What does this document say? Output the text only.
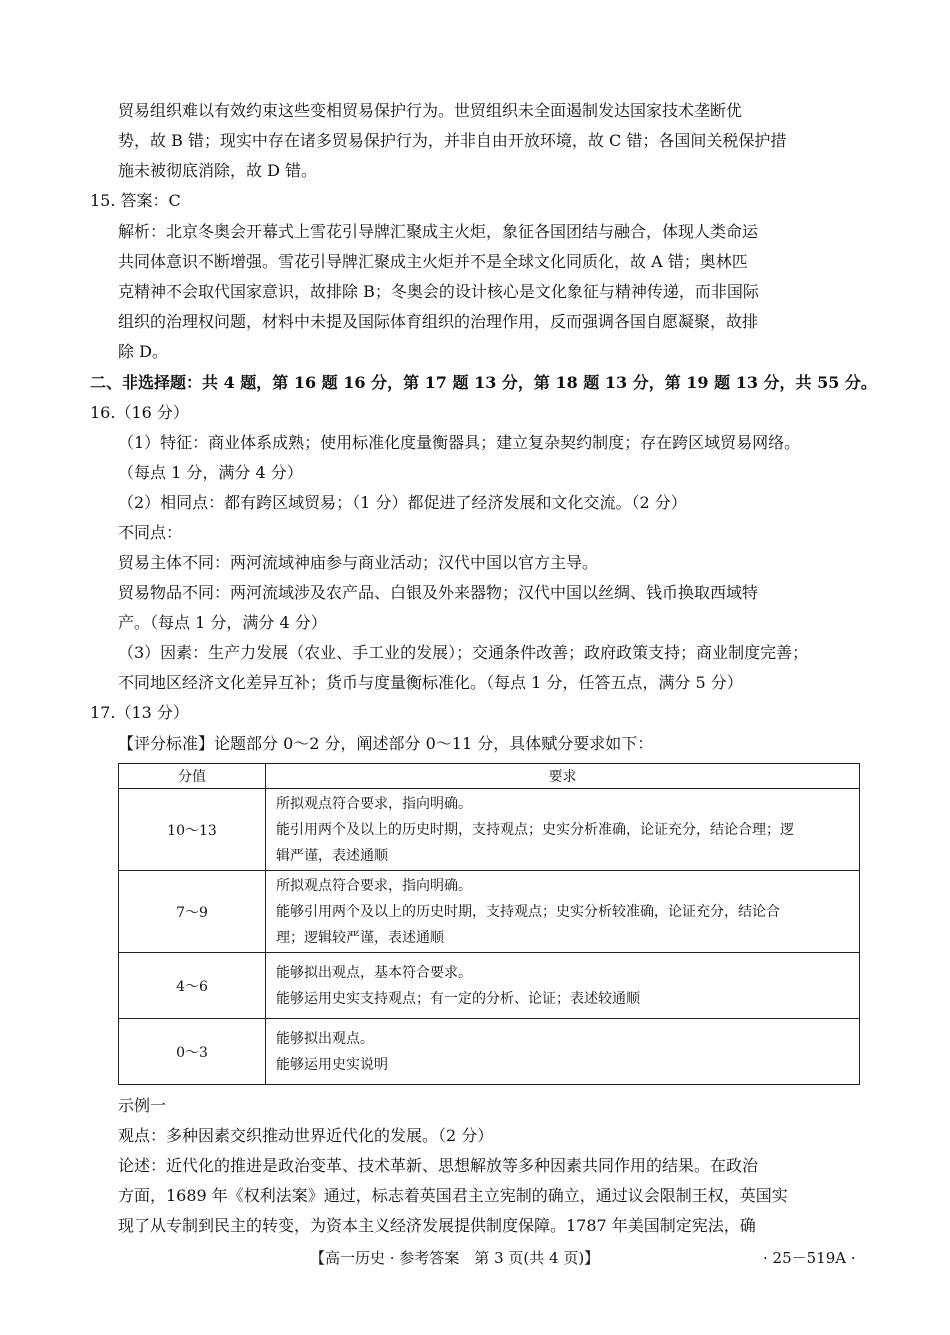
贸易组织难以有效约束这些变相贸易保护行为。世贸组织未全面遏制发达国家技术垄断优

势，故 B 错；现实中存在诸多贸易保护行为，并非自由开放环境，故 C 错；各国间关税保护措

施未被彻底消除，故 D 错。

15. 答案：C

解析：北京冬奥会开幕式上雪花引导牌汇聚成主火炬，象征各国团结与融合，体现人类命运

共同体意识不断增强。雪花引导牌汇聚成主火炬并不是全球文化同质化，故 A 错；奥林匹

克精神不会取代国家意识，故排除 B；冬奥会的设计核心是文化象征与精神传递，而非国际

组织的治理权问题，材料中未提及国际体育组织的治理作用，反而强调各国自愿凝聚，故排

除 D。

二、非选择题：共 4 题，第 16 题 16 分，第 17 题 13 分，第 18 题 13 分，第 19 题 13 分，共 55 分。

16.（16 分）

（1）特征：商业体系成熟；使用标准化度量衡器具；建立复杂契约制度；存在跨区域贸易网络。

（每点 1 分，满分 4 分）

（2）相同点：都有跨区域贸易；（1 分）都促进了经济发展和文化交流。（2 分）

不同点：

贸易主体不同：两河流域神庙参与商业活动；汉代中国以官方主导。

贸易物品不同：两河流域涉及农产品、白银及外来器物；汉代中国以丝绸、钱币换取西域特

产。（每点 1 分，满分 4 分）

（3）因素：生产力发展（农业、手工业的发展）；交通条件改善；政府政策支持；商业制度完善；

不同地区经济文化差异互补；货币与度量衡标准化。（每点 1 分，任答五点，满分 5 分）

17.（13 分）

【评分标准】论题部分 0～2 分，阐述部分 0～11 分，具体赋分要求如下：

分值	要求
10～13	所拟观点符合要求，指向明确。
能引用两个及以上的历史时期，支持观点；史实分析准确，论证充分，结论合理；逻
辑严谨，表述通顺

7～9	所拟观点符合要求，指向明确。
能够引用两个及以上的历史时期，支持观点；史实分析较准确，论证充分，结论合
理；逻辑较严谨，表述通顺

4～6	能够拟出观点，基本符合要求。
能够运用史实支持观点；有一定的分析、论证；表述较通顺

0～3	能够拟出观点。
能够运用史实说明

示例一

观点：多种因素交织推动世界近代化的发展。（2 分）

论述：近代化的推进是政治变革、技术革新、思想解放等多种因素共同作用的结果。在政治

方面，1689 年《权利法案》通过，标志着英国君主立宪制的确立，通过议会限制王权，英国实

现了从专制到民主的转变，为资本主义经济发展提供制度保障。1787 年美国制定宪法，确

【高一历史 · 参考答案　第 3 页(共 4 页)】	· 25－519A ·
